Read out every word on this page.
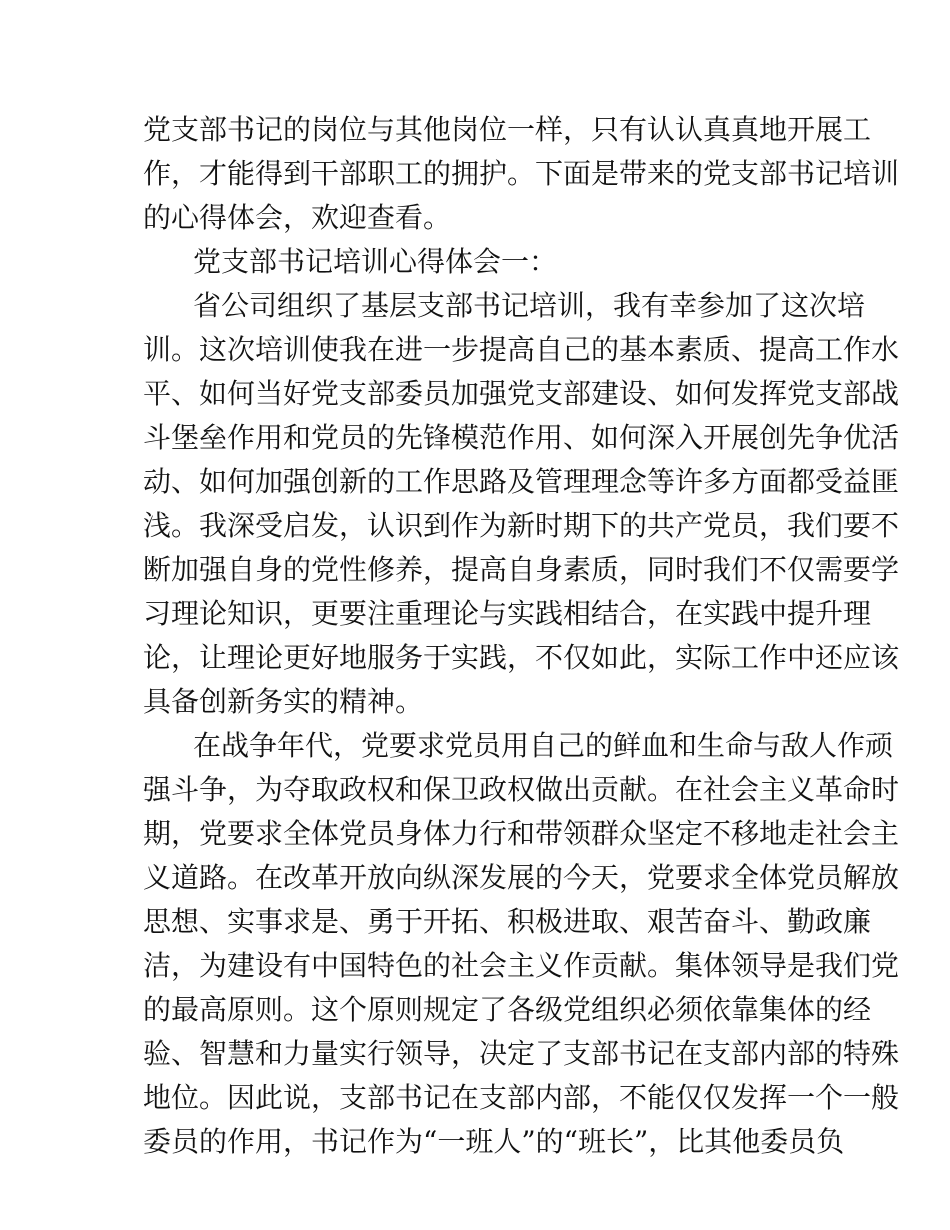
党支部书记的岗位与其他岗位一样，只有认认真真地开展工
作，才能得到干部职工的拥护。下面是带来的党支部书记培训
的心得体会，欢迎查看。
党支部书记培训心得体会一：
省公司组织了基层支部书记培训，我有幸参加了这次培
训。这次培训使我在进一步提高自己的基本素质、提高工作水
平、如何当好党支部委员加强党支部建设、如何发挥党支部战
斗堡垒作用和党员的先锋模范作用、如何深入开展创先争优活
动、如何加强创新的工作思路及管理理念等许多方面都受益匪
浅。我深受启发，认识到作为新时期下的共产党员，我们要不
断加强自身的党性修养，提高自身素质，同时我们不仅需要学
习理论知识，更要注重理论与实践相结合，在实践中提升理
论，让理论更好地服务于实践，不仅如此，实际工作中还应该
具备创新务实的精神。
在战争年代，党要求党员用自己的鲜血和生命与敌人作顽
强斗争，为夺取政权和保卫政权做出贡献。在社会主义革命时
期，党要求全体党员身体力行和带领群众坚定不移地走社会主
义道路。在改革开放向纵深发展的今天，党要求全体党员解放
思想、实事求是、勇于开拓、积极进取、艰苦奋斗、勤政廉
洁，为建设有中国特色的社会主义作贡献。集体领导是我们党
的最高原则。这个原则规定了各级党组织必须依靠集体的经
验、智慧和力量实行领导，决定了支部书记在支部内部的特殊
地位。因此说，支部书记在支部内部，不能仅仅发挥一个一般
委员的作用，书记作为“一班人”的“班长”，比其他委员负
